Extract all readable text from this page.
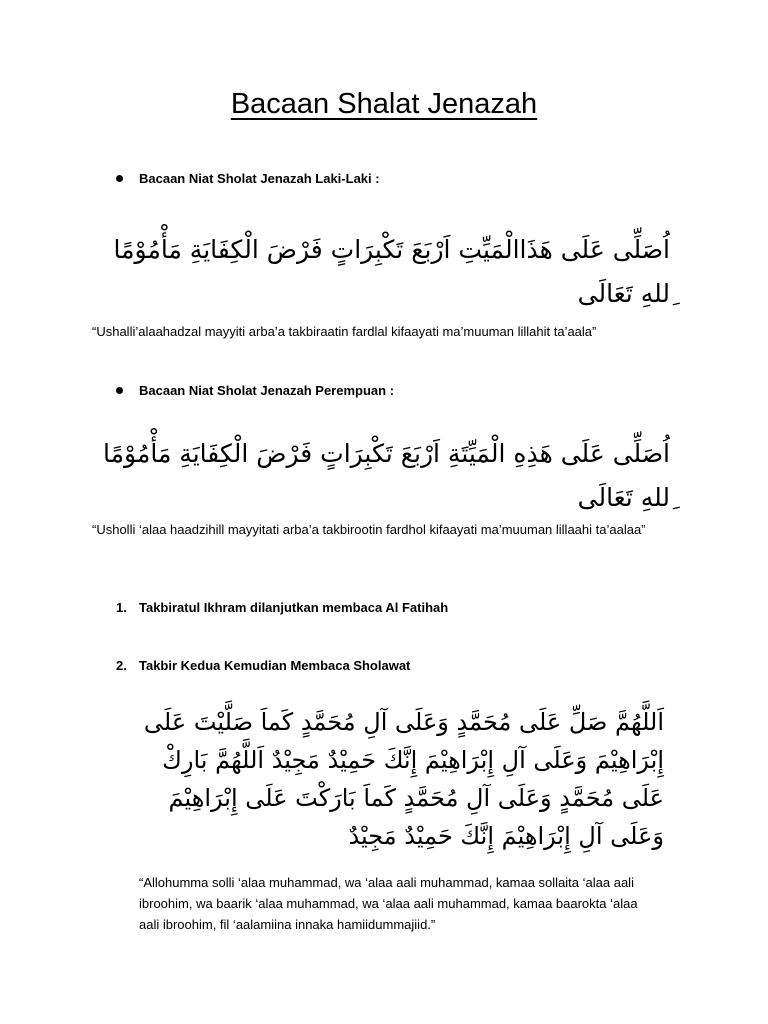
Bacaan Shalat Jenazah
Bacaan Niat Sholat Jenazah Laki-Laki :
اُصَلِّى عَلَى هَذَاالْمَيِّتِ اَرْبَعَ تَكْبِرَاتٍ فَرْضَ الْكِفَايَةِ مَأْمُوْمًا ِللهِ تَعَالَى
“Ushalli’alaahadzal mayyiti arba’a takbiraatin fardlal kifaayati ma’muuman lillahit ta’aala”
Bacaan Niat Sholat Jenazah Perempuan :
اُصَلِّى عَلَى هَذِهِ الْمَيِّتَةِ اَرْبَعَ تَكْبِرَاتٍ فَرْضَ الْكِفَايَةِ مَأْمُوْمًا ِللهِ تَعَالَى
“Usholli ‘alaa haadzihill mayyitati arba’a takbirootin fardhol kifaayati ma’muuman lillaahi ta’aalaa”
1. Takbiratul Ikhram dilanjutkan membaca Al Fatihah
2. Takbir Kedua Kemudian Membaca Sholawat
اَللَّهُمَّ صَلِّ عَلَى مُحَمَّدٍ وَعَلَى آلِ مُحَمَّدٍ كَماَ صَلَّيْتَ عَلَى إِبْرَاهِيْمَ وَعَلَى آلِ إِبْرَاهِيْمَ إِنَّكَ حَمِيْدٌ مَجِيْدٌ اَللَّهُمَّ بَارِكْ عَلَى مُحَمَّدٍ وَعَلَى آلِ مُحَمَّدٍ كَماَ بَارَكْتَ عَلَى إِبْرَاهِيْمَ وَعَلَى آلِ إِبْرَاهِيْمَ إِنَّكَ حَمِيْدٌ مَجِيْدٌ
“Allohumma solli ‘alaa muhammad, wa ‘alaa aali muhammad, kamaa sollaita ‘alaa aali ibroohim, wa baarik ‘alaa muhammad, wa ‘alaa aali muhammad, kamaa baarokta ‘alaa aali ibroohim, fil ‘aalamiina innaka hamiidummajiid.”
